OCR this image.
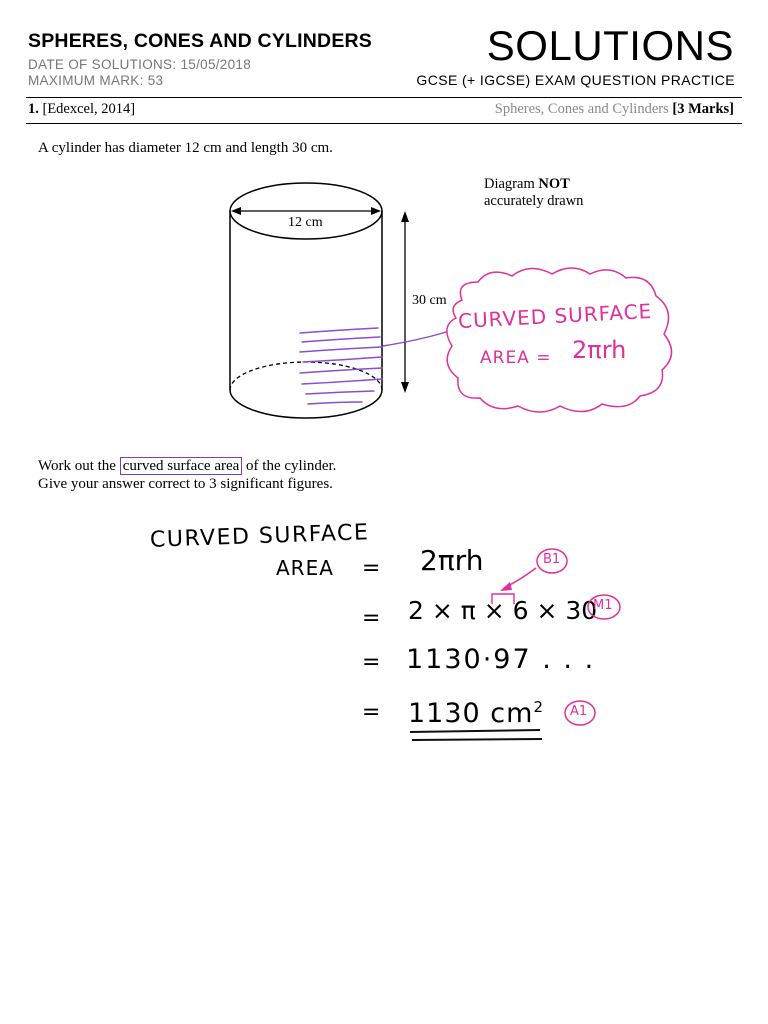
SPHERES, CONES AND CYLINDERS	SOLUTIONS
DATE OF SOLUTIONS: 15/05/2018
MAXIMUM MARK: 53	GCSE (+ IGCSE) EXAM QUESTION PRACTICE
1. [Edexcel, 2014]	Spheres, Cones and Cylinders [3 Marks]
A cylinder has diameter 12 cm and length 30 cm.
12 cm
30 cm
Diagram NOT
accurately drawn
CURVED SURFACE
AREA = 2πrh
Work out the curved surface area of the cylinder.
Give your answer correct to 3 significant figures.
CURVED SURFACE
AREA = 2πrh
= 2 × π × 6 × 30
= 1130·97 . . .
= 1130 $cm^2$
B1
M1
A1
